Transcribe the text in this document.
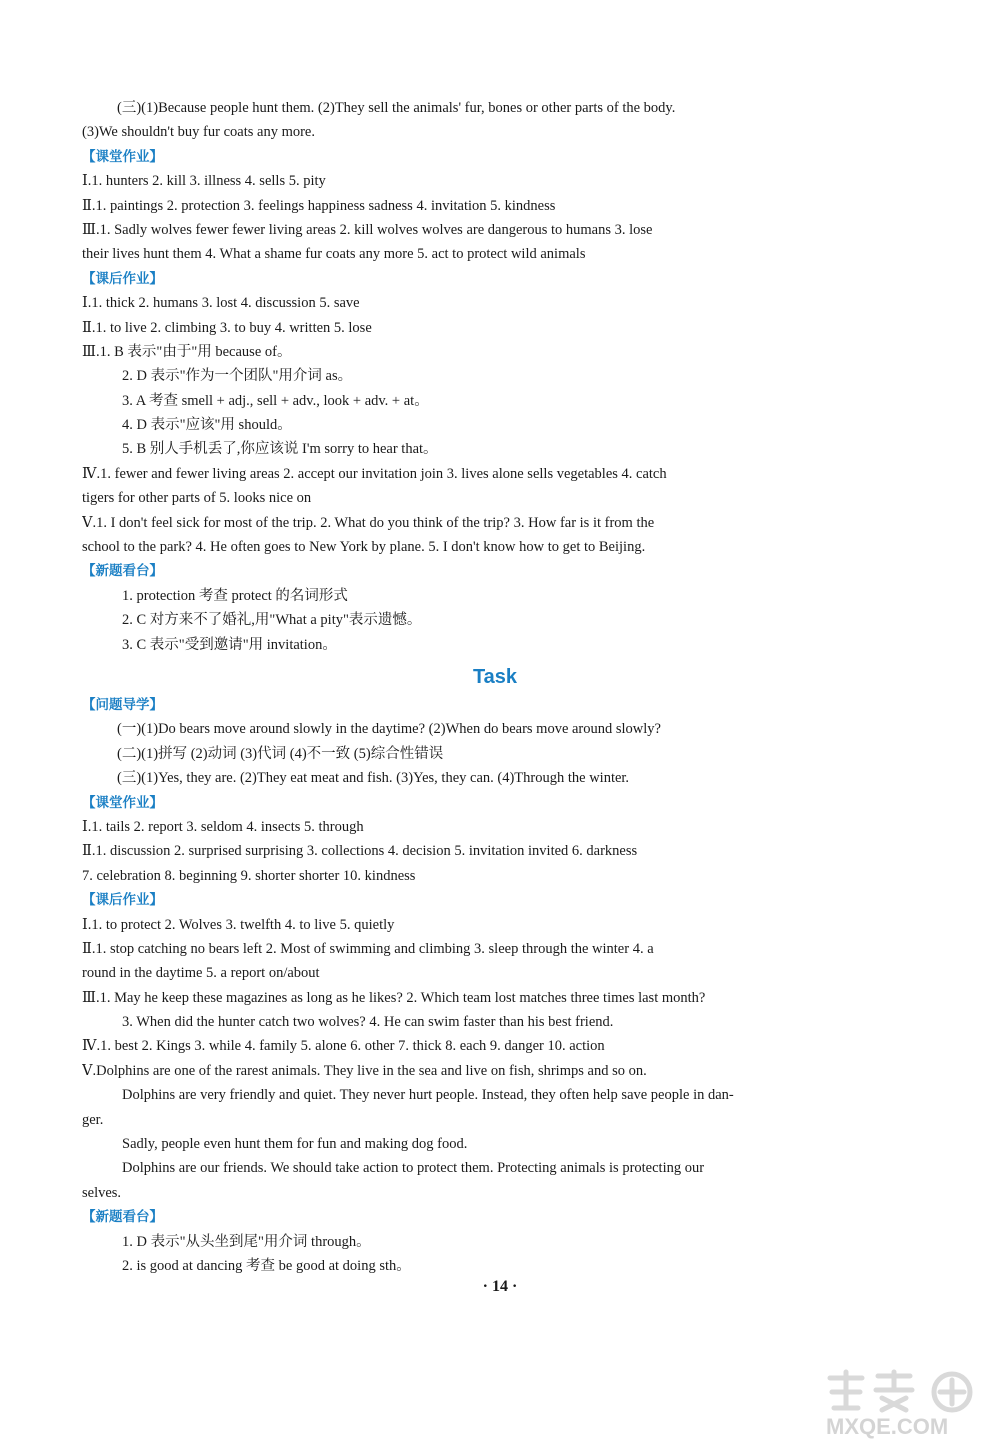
(三)(1)Because people hunt them. (2)They sell the animals' fur, bones or other parts of the body.
(3)We shouldn't buy fur coats any more.
【课堂作业】
Ⅰ.1. hunters 2. kill 3. illness 4. sells 5. pity
Ⅱ.1. paintings 2. protection 3. feelings happiness sadness 4. invitation 5. kindness
Ⅲ.1. Sadly wolves fewer fewer living areas 2. kill wolves wolves are dangerous to humans 3. lose
their lives hunt them 4. What a shame fur coats any more 5. act to protect wild animals
【课后作业】
Ⅰ.1. thick 2. humans 3. lost 4. discussion 5. save
Ⅱ.1. to live 2. climbing 3. to buy 4. written 5. lose
Ⅲ.1. B 表示"由于"用 because of。
2. D 表示"作为一个团队"用介词 as。
3. A 考查 smell + adj., sell + adv., look + adv. + at。
4. D 表示"应该"用 should。
5. B 别人手机丢了,你应该说 I'm sorry to hear that。
Ⅳ.1. fewer and fewer living areas 2. accept our invitation join 3. lives alone sells vegetables 4. catch
tigers for other parts of 5. looks nice on
Ⅴ.1. I don't feel sick for most of the trip. 2. What do you think of the trip? 3. How far is it from the
school to the park? 4. He often goes to New York by plane. 5. I don't know how to get to Beijing.
【新题看台】
1. protection 考查 protect 的名词形式
2. C 对方来不了婚礼,用"What a pity"表示遗憾。
3. C 表示"受到邀请"用 invitation。
Task
【问题导学】
(一)(1)Do bears move around slowly in the daytime? (2)When do bears move around slowly?
(二)(1)拼写 (2)动词 (3)代词 (4)不一致 (5)综合性错误
(三)(1)Yes, they are. (2)They eat meat and fish. (3)Yes, they can. (4)Through the winter.
【课堂作业】
Ⅰ.1. tails 2. report 3. seldom 4. insects 5. through
Ⅱ.1. discussion 2. surprised surprising 3. collections 4. decision 5. invitation invited 6. darkness
7. celebration 8. beginning 9. shorter shorter 10. kindness
【课后作业】
Ⅰ.1. to protect 2. Wolves 3. twelfth 4. to live 5. quietly
Ⅱ.1. stop catching no bears left 2. Most of swimming and climbing 3. sleep through the winter 4. a
round in the daytime 5. a report on/about
Ⅲ.1. May he keep these magazines as long as he likes? 2. Which team lost matches three times last month?
3. When did the hunter catch two wolves? 4. He can swim faster than his best friend.
Ⅳ.1. best 2. Kings 3. while 4. family 5. alone 6. other 7. thick 8. each 9. danger 10. action
Ⅴ.Dolphins are one of the rarest animals. They live in the sea and live on fish, shrimps and so on.
Dolphins are very friendly and quiet. They never hurt people. Instead, they often help save people in dan-
ger.
Sadly, people even hunt them for fun and making dog food.
Dolphins are our friends. We should take action to protect them. Protecting animals is protecting our
selves.
【新题看台】
1. D 表示"从头坐到尾"用介词 through。
2. is good at dancing 考查 be good at doing sth。
· 14 ·
MXQE.COM
